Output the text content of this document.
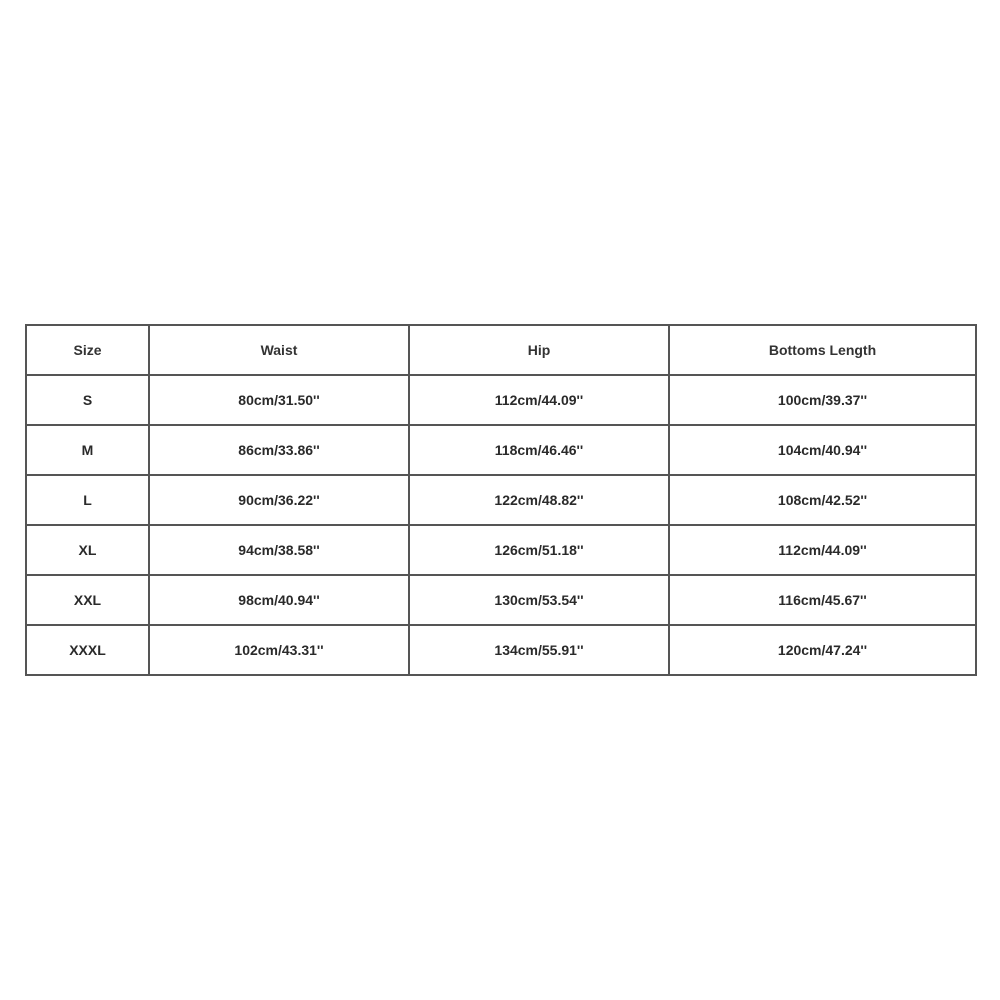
Size	Waist	Hip	Bottoms Length
S	80cm/31.50''	112cm/44.09''	100cm/39.37''
M	86cm/33.86''	118cm/46.46''	104cm/40.94''
L	90cm/36.22''	122cm/48.82''	108cm/42.52''
XL	94cm/38.58''	126cm/51.18''	112cm/44.09''
XXL	98cm/40.94''	130cm/53.54''	116cm/45.67''
XXXL	102cm/43.31''	134cm/55.91''	120cm/47.24''
